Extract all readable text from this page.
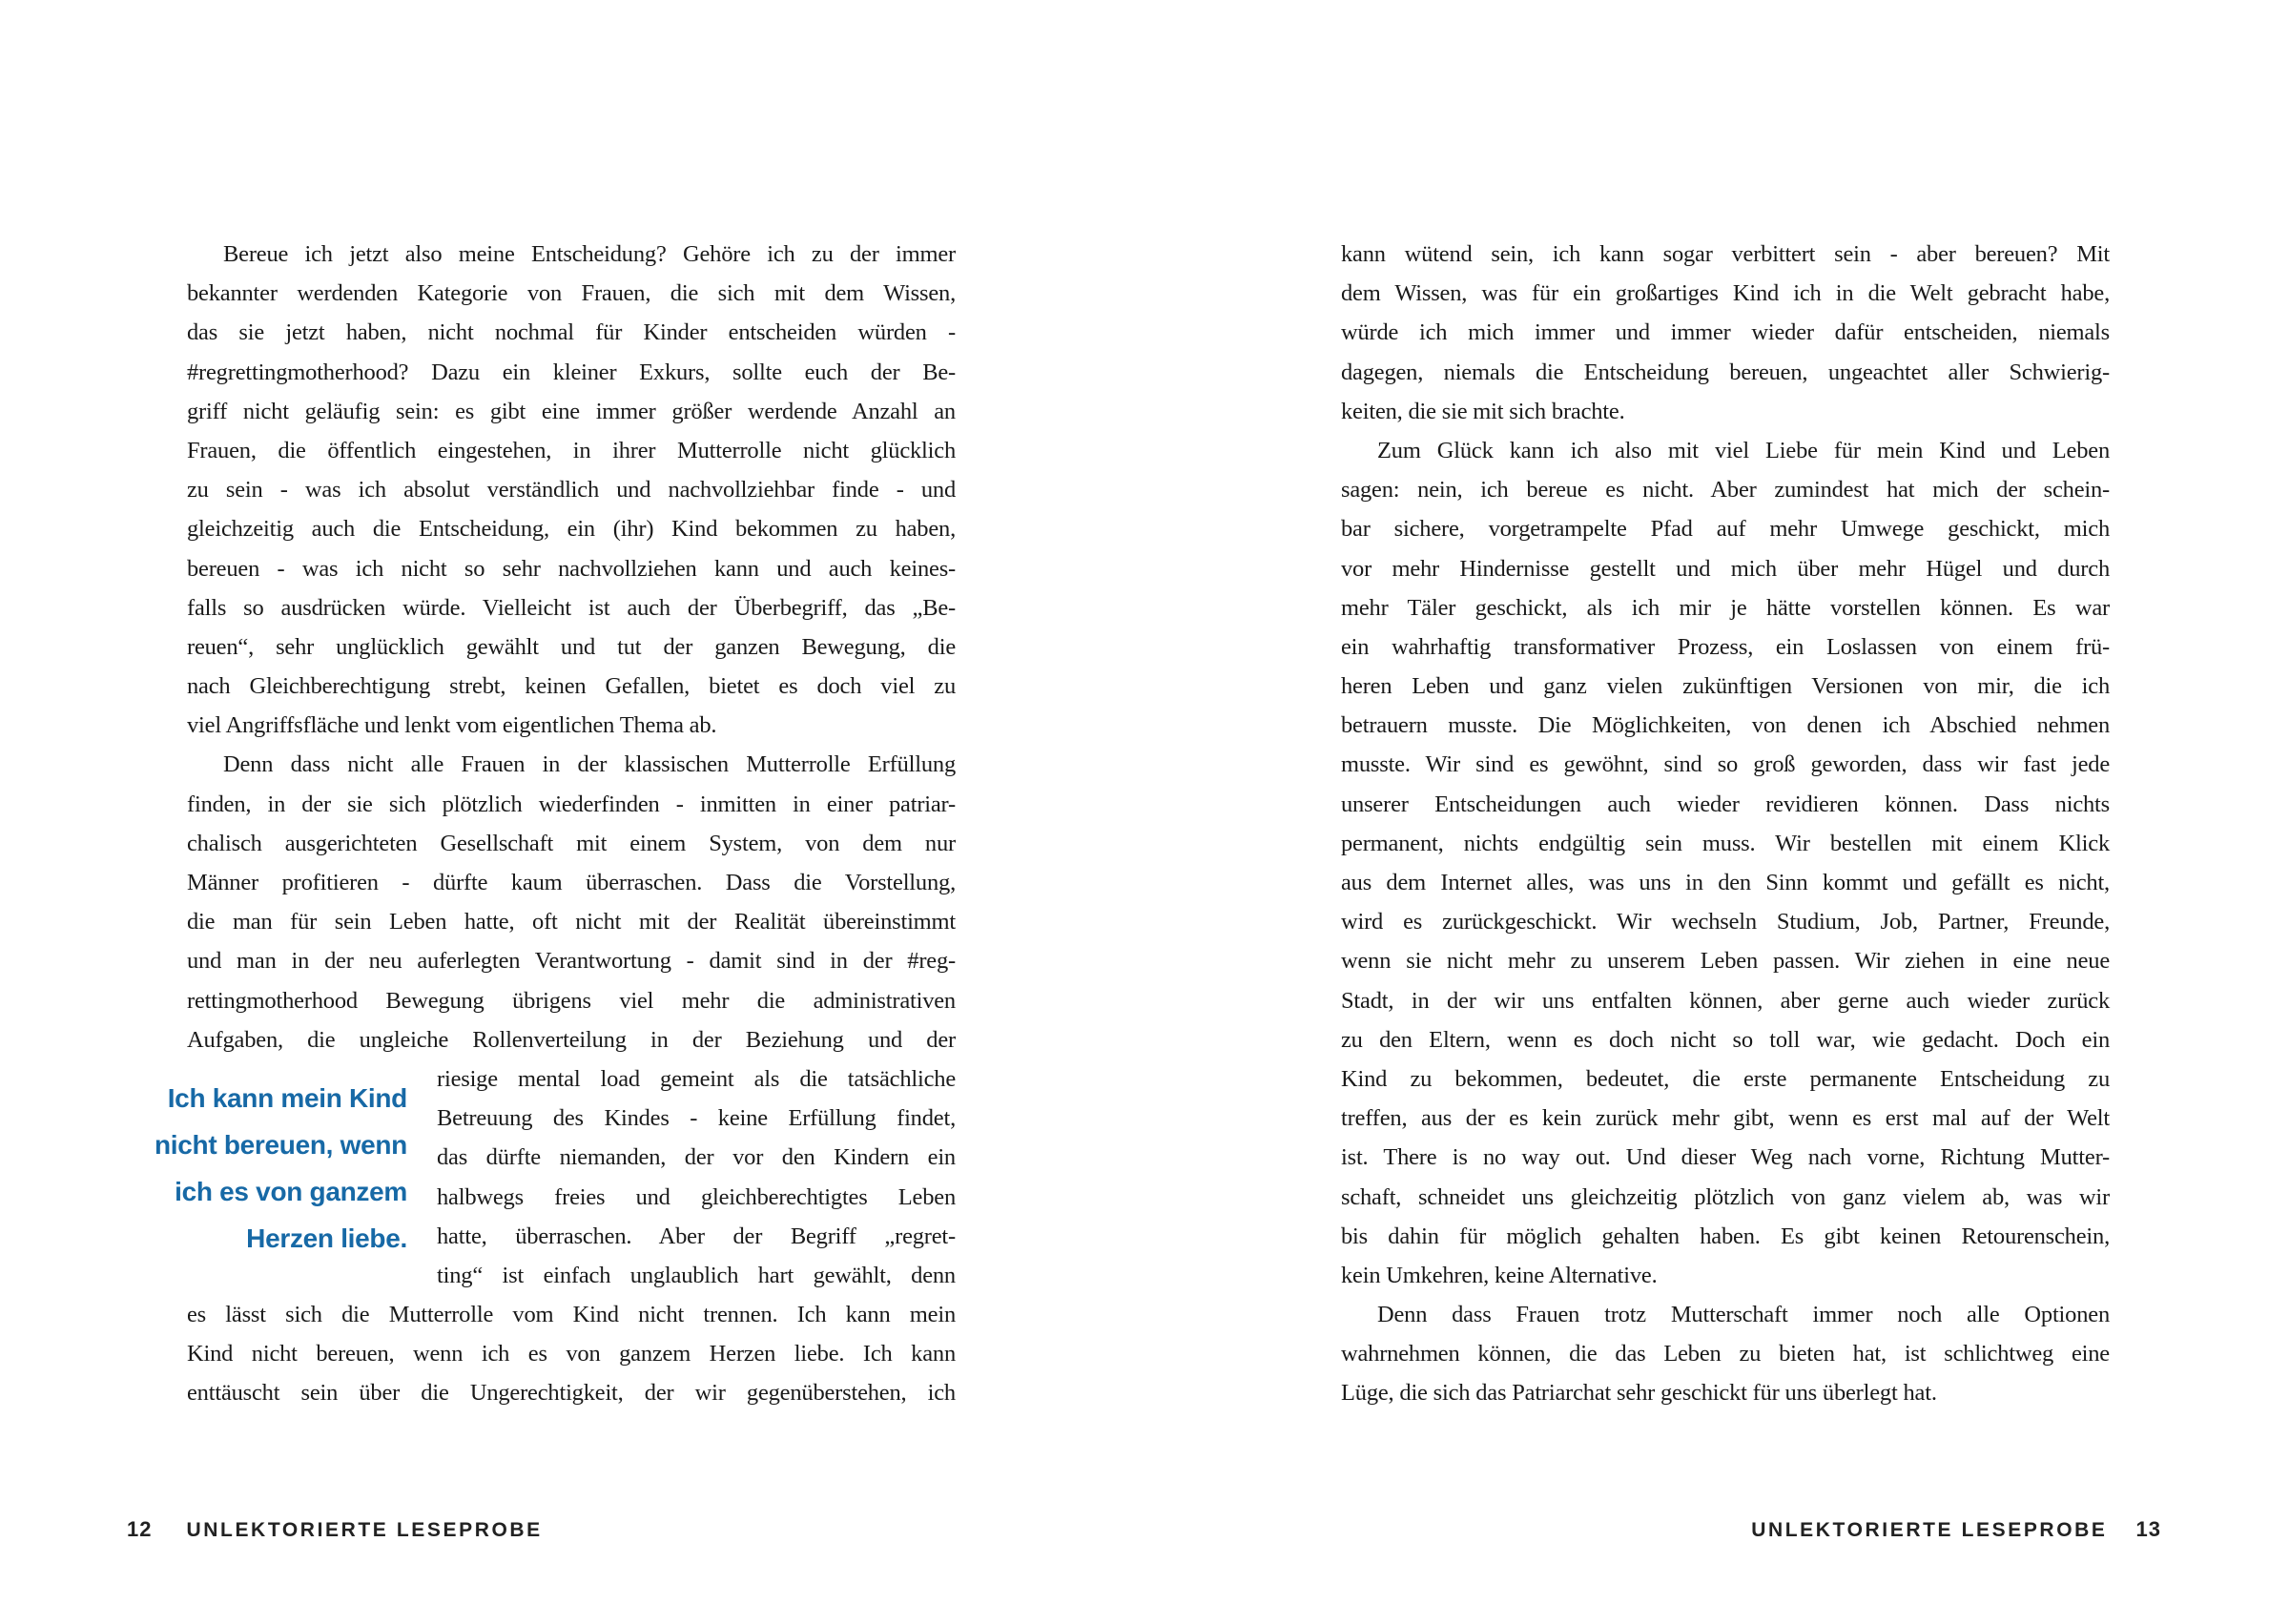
Bereue ich jetzt also meine Entscheidung? Gehöre ich zu der immer
bekannter werdenden Kategorie von Frauen, die sich mit dem Wissen,
das sie jetzt haben, nicht nochmal für Kinder entscheiden würden -
#regrettingmotherhood? Dazu ein kleiner Exkurs, sollte euch der Be-
griff nicht geläufig sein: es gibt eine immer größer werdende Anzahl an
Frauen, die öffentlich eingestehen, in ihrer Mutterrolle nicht glücklich
zu sein - was ich absolut verständlich und nachvollziehbar finde - und
gleichzeitig auch die Entscheidung, ein (ihr) Kind bekommen zu haben,
bereuen - was ich nicht so sehr nachvollziehen kann und auch keines-
falls so ausdrücken würde. Vielleicht ist auch der Überbegriff, das „Be-
reuen“, sehr unglücklich gewählt und tut der ganzen Bewegung, die
nach Gleichberechtigung strebt, keinen Gefallen, bietet es doch viel zu
viel Angriffsfläche und lenkt vom eigentlichen Thema ab.
Denn dass nicht alle Frauen in der klassischen Mutterrolle Erfüllung
finden, in der sie sich plötzlich wiederfinden - inmitten in einer patriar-
chalisch ausgerichteten Gesellschaft mit einem System, von dem nur
Männer profitieren - dürfte kaum überraschen. Dass die Vorstellung,
die man für sein Leben hatte, oft nicht mit der Realität übereinstimmt
und man in der neu auferlegten Verantwortung - damit sind in der #reg-
rettingmotherhood Bewegung übrigens viel mehr die administrativen
Aufgaben, die ungleiche Rollenverteilung in der Beziehung und der
Ich kann mein Kind
nicht bereuen, wenn
ich es von ganzem
Herzen liebe.
riesige mental load gemeint als die tatsächliche
Betreuung des Kindes - keine Erfüllung findet,
das dürfte niemanden, der vor den Kindern ein
halbwegs freies und gleichberechtigtes Leben
hatte, überraschen. Aber der Begriff „regret-
ting“ ist einfach unglaublich hart gewählt, denn
es lässt sich die Mutterrolle vom Kind nicht trennen. Ich kann mein
Kind nicht bereuen, wenn ich es von ganzem Herzen liebe. Ich kann
enttäuscht sein über die Ungerechtigkeit, der wir gegenüberstehen, ich
kann wütend sein, ich kann sogar verbittert sein - aber bereuen? Mit
dem Wissen, was für ein großartiges Kind ich in die Welt gebracht habe,
würde ich mich immer und immer wieder dafür entscheiden, niemals
dagegen, niemals die Entscheidung bereuen, ungeachtet aller Schwierig-
keiten, die sie mit sich brachte.
Zum Glück kann ich also mit viel Liebe für mein Kind und Leben
sagen: nein, ich bereue es nicht. Aber zumindest hat mich der schein-
bar sichere, vorgetrampelte Pfad auf mehr Umwege geschickt, mich
vor mehr Hindernisse gestellt und mich über mehr Hügel und durch
mehr Täler geschickt, als ich mir je hätte vorstellen können. Es war
ein wahrhaftig transformativer Prozess, ein Loslassen von einem frü-
heren Leben und ganz vielen zukünftigen Versionen von mir, die ich
betrauern musste. Die Möglichkeiten, von denen ich Abschied nehmen
musste. Wir sind es gewöhnt, sind so groß geworden, dass wir fast jede
unserer Entscheidungen auch wieder revidieren können. Dass nichts
permanent, nichts endgültig sein muss. Wir bestellen mit einem Klick
aus dem Internet alles, was uns in den Sinn kommt und gefällt es nicht,
wird es zurückgeschickt. Wir wechseln Studium, Job, Partner, Freunde,
wenn sie nicht mehr zu unserem Leben passen. Wir ziehen in eine neue
Stadt, in der wir uns entfalten können, aber gerne auch wieder zurück
zu den Eltern, wenn es doch nicht so toll war, wie gedacht. Doch ein
Kind zu bekommen, bedeutet, die erste permanente Entscheidung zu
treffen, aus der es kein zurück mehr gibt, wenn es erst mal auf der Welt
ist. There is no way out. Und dieser Weg nach vorne, Richtung Mutter-
schaft, schneidet uns gleichzeitig plötzlich von ganz vielem ab, was wir
bis dahin für möglich gehalten haben. Es gibt keinen Retourenschein,
kein Umkehren, keine Alternative.
Denn dass Frauen trotz Mutterschaft immer noch alle Optionen
wahrnehmen können, die das Leben zu bieten hat, ist schlichtweg eine
Lüge, die sich das Patriarchat sehr geschickt für uns überlegt hat.
12 UNLEKTORIERTE LESEPROBE	UNLEKTORIERTE LESEPROBE 13
